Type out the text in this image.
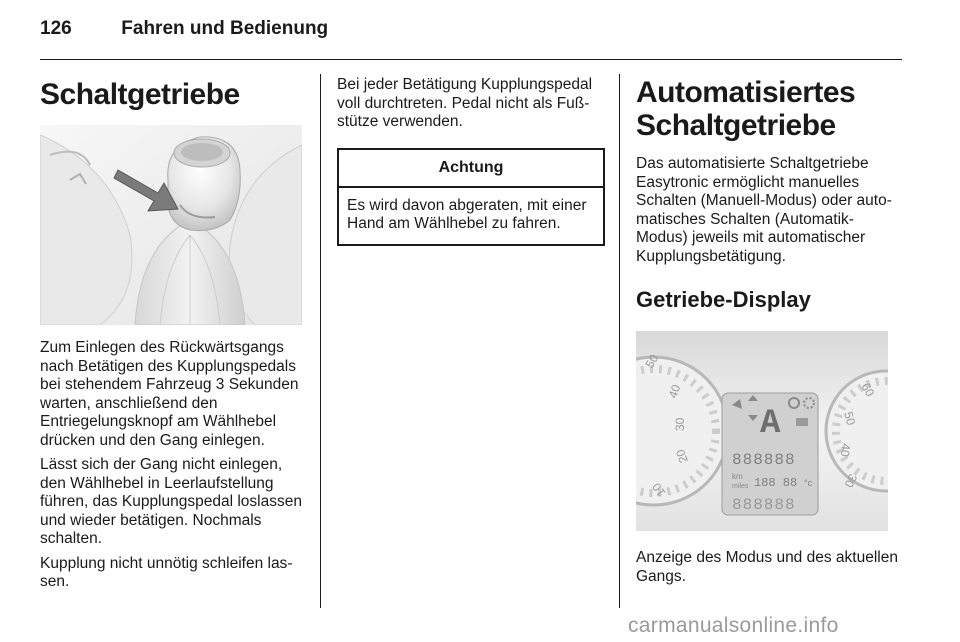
126	Fahren und Bedienung
Schaltgetriebe

Zum Einlegen des Rückwärtsgangs nach Betätigen des Kupplungspedals bei stehendem Fahrzeug 3 Sekunden warten, anschließend den Entriegelungsknopf am Wählhebel drücken und den Gang einlegen.

Lässt sich der Gang nicht einlegen, den Wählhebel in Leerlaufstellung führen, das Kupplungspedal loslassen und wieder betätigen. Nochmals schalten.

Kupplung nicht unnötig schleifen lassen.

Bei jeder Betätigung Kupplungspedal voll durchtreten. Pedal nicht als Fußstütze verwenden.

Achtung

Es wird davon abgeraten, mit einer Hand am Wählhebel zu fahren.

Automatisiertes Schaltgetriebe

Das automatisierte Schaltgetriebe Easytronic ermöglicht manuelles Schalten (Manuell-Modus) oder automatisches Schalten (Automatik-Modus) jeweils mit automatischer Kupplungsbetätigung.

Getriebe-Display
50
40
30
20
10
60
50
40
30
A
888888
km
miles 188 88 °c
888888

Anzeige des Modus und des aktuellen Gangs.

carmanualsonline.info
